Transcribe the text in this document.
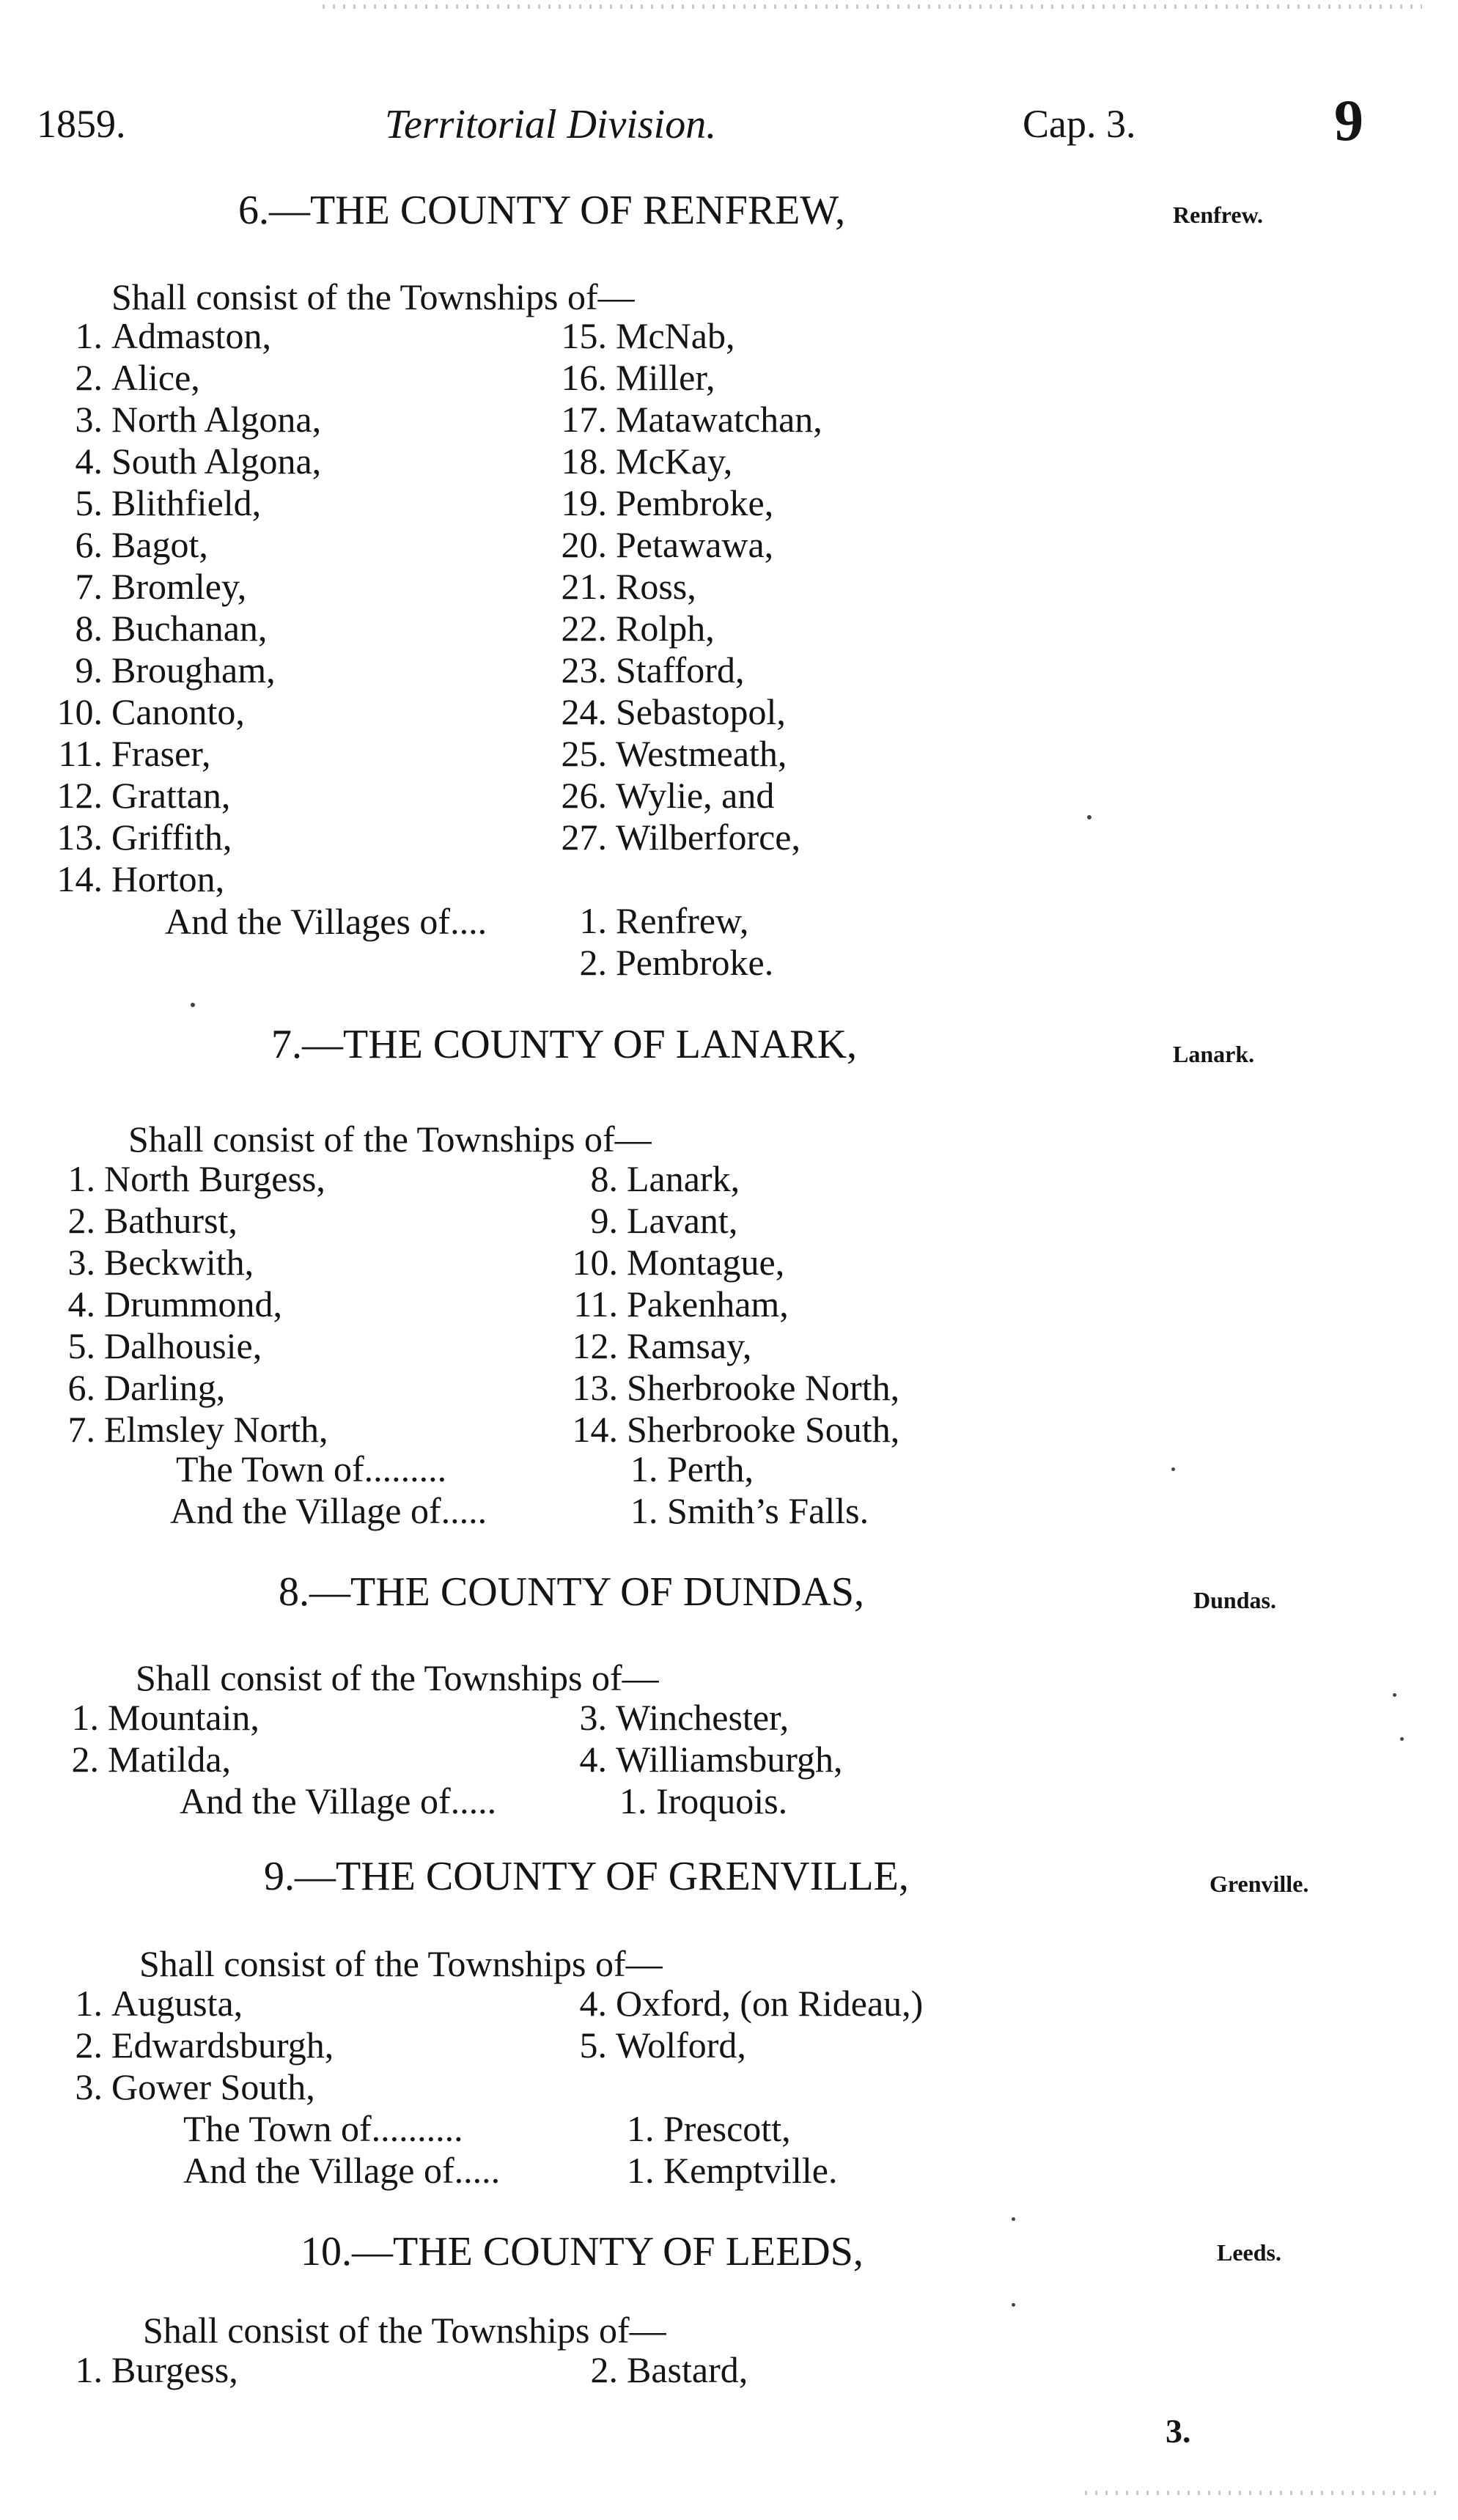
1859.	Territorial Division.	Cap. 3.	9
6.—THE COUNTY OF RENFREW,	Renfrew.
Shall consist of the Townships of—
1. Admaston,
2. Alice,
3. North Algona,
4. South Algona,
5. Blithfield,
6. Bagot,
7. Bromley,
8. Buchanan,
9. Brougham,
10. Canonto,
11. Fraser,
12. Grattan,
13. Griffith,
14. Horton,
15. McNab,
16. Miller,
17. Matawatchan,
18. McKay,
19. Pembroke,
20. Petawawa,
21. Ross,
22. Rolph,
23. Stafford,
24. Sebastopol,
25. Westmeath,
26. Wylie, and
27. Wilberforce,
And the Villages of....	1. Renfrew,
2. Pembroke.
7.—THE COUNTY OF LANARK,	Lanark.
Shall consist of the Townships of—
1. North Burgess,
2. Bathurst,
3. Beckwith,
4. Drummond,
5. Dalhousie,
6. Darling,
7. Elmsley North,
8. Lanark,
9. Lavant,
10. Montague,
11. Pakenham,
12. Ramsay,
13. Sherbrooke North,
14. Sherbrooke South,
The Town of.........	1. Perth,
And the Village of.....	1. Smith’s Falls.
8.—THE COUNTY OF DUNDAS,	Dundas.
Shall consist of the Townships of—
1. Mountain,
2. Matilda,
3. Winchester,
4. Williamsburgh,
And the Village of.....	1. Iroquois.
9.—THE COUNTY OF GRENVILLE,	Grenville.
Shall consist of the Townships of—
1. Augusta,
2. Edwardsburgh,
3. Gower South,
4. Oxford, (on Rideau,)
5. Wolford,
The Town of..........	1. Prescott,
And the Village of.....	1. Kemptville.
10.—THE COUNTY OF LEEDS,	Leeds.
Shall consist of the Townships of—
1. Burgess,	2. Bastard,
3.
